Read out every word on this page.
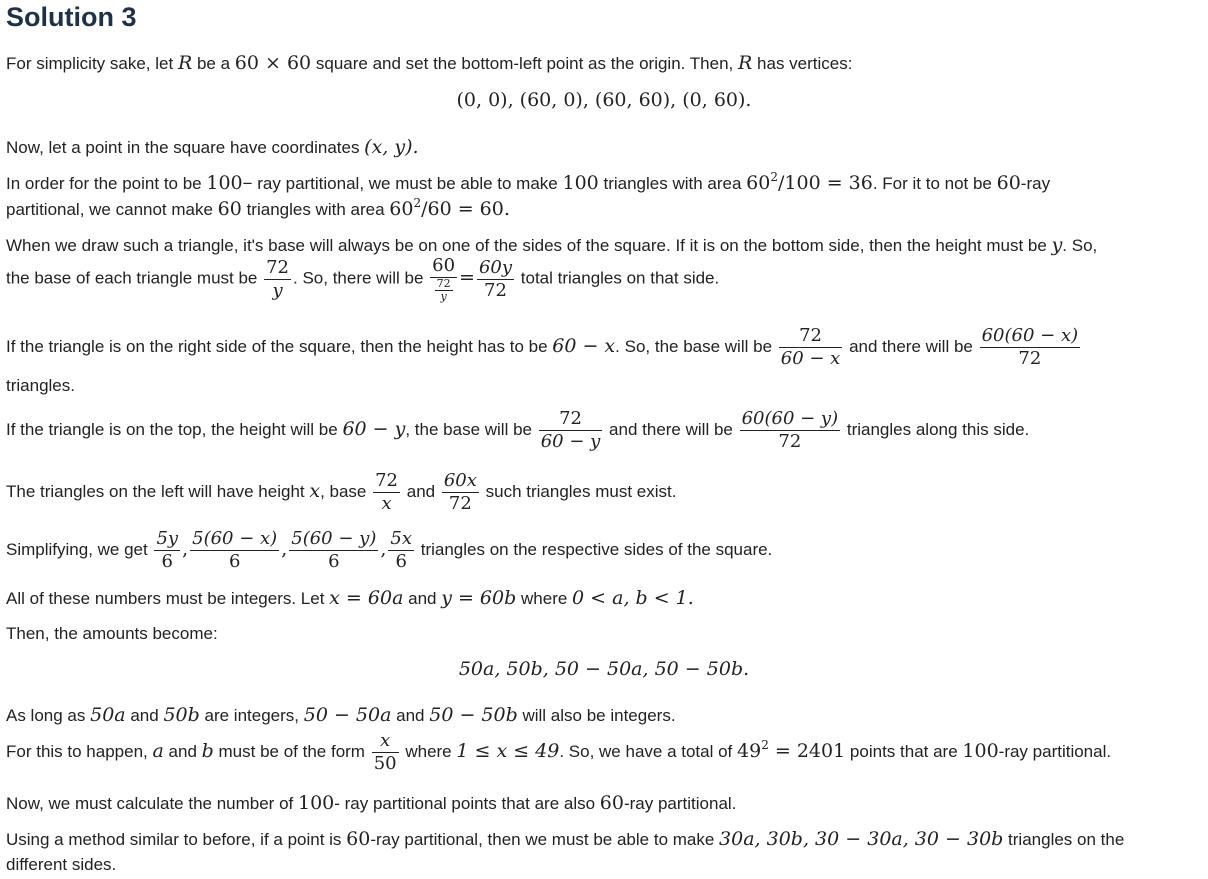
Solution 3
For simplicity sake, let R be a 60 × 60 square and set the bottom-left point as the origin. Then, R has vertices:
(0, 0), (60, 0), (60, 60), (0, 60).
Now, let a point in the square have coordinates (x, y).
In order for the point to be 100− ray partitional, we must be able to make 100 triangles with area $60^2/100 = 36$. For it to not be 60-ray
partitional, we cannot make 60 triangles with area $60^2/60 = 60$.
When we draw such a triangle, it's base will always be on one of the sides of the square. If it is on the bottom side, then the height must be y. So,
the base of each triangle must be $\frac{72}{y}$ . So, there will be $\frac{60}{\frac{72}{y}} = \frac{60y}{72}$ total triangles on that side.
If the triangle is on the right side of the square, then the height has to be 60 − x. So, the base will be $\frac{72}{60 - x}$ and there will be $\frac{60(60 - x)}{72}$
triangles.
If the triangle is on the top, the height will be 60 − y, the base will be $\frac{72}{60 - y}$ and there will be $\frac{60(60 - y)}{72}$ triangles along this side.
The triangles on the left will have height x, base $\frac{72}{x}$ and $\frac{60x}{72}$ such triangles must exist.
Simplifying, we get $\frac{5y}{6}$ , $\frac{5(60 - x)}{6}$ , $\frac{5(60 - y)}{6}$ , $\frac{5x}{6}$ triangles on the respective sides of the square.
All of these numbers must be integers. Let x = 60a and y = 60b where 0 < a, b < 1.
Then, the amounts become:
50a, 50b, 50 − 50a, 50 − 50b.
As long as 50a and 50b are integers, 50 − 50a and 50 − 50b will also be integers.
For this to happen, a and b must be of the form $\frac{x}{50}$ where 1 ≤ x ≤ 49. So, we have a total of $49^2 = 2401$ points that are 100-ray partitional.
Now, we must calculate the number of 100- ray partitional points that are also 60-ray partitional.
Using a method similar to before, if a point is 60-ray partitional, then we must be able to make 30a, 30b, 30 − 30a, 30 − 30b triangles on the
different sides.
